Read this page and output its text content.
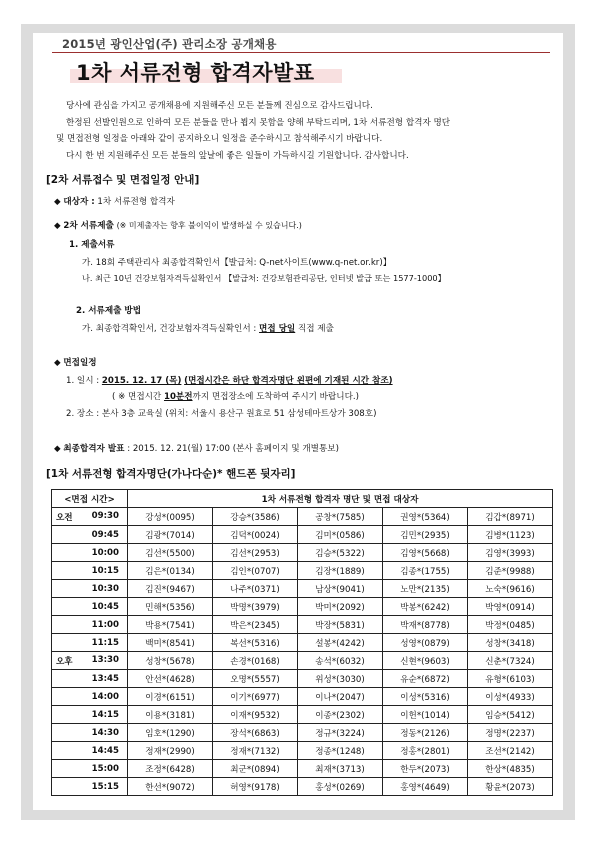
2015년 광인산업(주) 관리소장 공개채용
1차 서류전형 합격자발표

당사에 관심을 가지고 공개채용에 지원해주신 모든 분들께 진심으로 감사드립니다.

한정된 선발인원으로 인하여 모든 분들을 만나 뵙지 못함을 양해 부탁드리며, 1차 서류전형 합격자 명단

및 면접전형 일정을 아래와 같이 공지하오니 일정을 준수하시고 참석해주시기 바랍니다.

다시 한 번 지원해주신 모든 분들의 앞날에 좋은 일들이 가득하시길 기원합니다. 감사합니다.

[2차 서류접수 및 면접일정 안내]
◆ 대상자 : 1차 서류전형 합격자
◆ 2차 서류제출 (※ 미제출자는 향후 불이익이 발생하실 수 있습니다.)
1. 제출서류
가. 18회 주택관리사 최종합격확인서【발급처: Q-net사이트(www.q-net.or.kr)】
나. 최근 10년 건강보험자격득실확인서 【발급처: 건강보험관리공단, 인터넷 발급 또는 1577-1000】
2. 서류제출 방법
가. 최종합격확인서, 건강보험자격득실확인서 : 면접 당일 직접 제출
◆ 면접일정
1. 일시 : 2015. 12. 17 (목) (면접시간은 하단 합격자명단 왼편에 기재된 시간 참조)
( ※ 면접시간 10분전까지 면접장소에 도착하여 주시기 바랍니다.)
2. 장소 : 본사 3층 교육실 (위치: 서울시 용산구 원효로 51 삼성테마트상가 308호)
◆ 최종합격자 발표 : 2015. 12. 21(월) 17:00 (본사 홈페이지 및 개별통보)
[1차 서류전형 합격자명단(가나다순)* 핸드폰 뒷자리]
<면접 시간>	1차 서류전형 합격자 명단 및 면접 대상자				

오전 09:30	강성*(0095)	강승*(3586)	공창*(7585)	권영*(5364)	김갑*(8971)
09:45	김광*(7014)	김덕*(0024)	김미*(0586)	김민*(2935)	김병*(1123)
10:00	김선*(5500)	김선*(2953)	김승*(5322)	김영*(5668)	김영*(3993)
10:15	김은*(0134)	김인*(0707)	김장*(1889)	김종*(1755)	김준*(9988)
10:30	김진*(9467)	나주*(0371)	남상*(9041)	노만*(2135)	노숙*(9616)
10:45	민해*(5356)	박명*(3979)	박미*(2092)	박봉*(6242)	박영*(0914)
11:00	박용*(7541)	박은*(2345)	박장*(5831)	박재*(8778)	박정*(0485)
11:15	백미*(8541)	복선*(5316)	설봉*(4242)	성영*(0879)	성창*(3418)

오후 13:30	성창*(5678)	손경*(0168)	송석*(6032)	신현*(9603)	신춘*(7324)
13:45	안선*(4628)	오명*(5557)	위성*(3030)	유순*(6872)	유형*(6103)
14:00	이경*(6151)	이기*(6977)	이나*(2047)	이성*(5316)	이성*(4933)
14:15	이용*(3181)	이재*(9532)	이종*(2302)	이헌*(1014)	임승*(5412)
14:30	임호*(1290)	장석*(6863)	정규*(3224)	정동*(2126)	정명*(2237)
14:45	정재*(2990)	정재*(7132)	정종*(1248)	정홍*(2801)	조선*(2142)
15:00	조정*(6428)	최군*(0894)	최재*(3713)	한두*(2073)	한상*(4835)
15:15	한선*(9072)	허영*(9178)	홍성*(0269)	홍영*(4649)	황윤*(2073)
